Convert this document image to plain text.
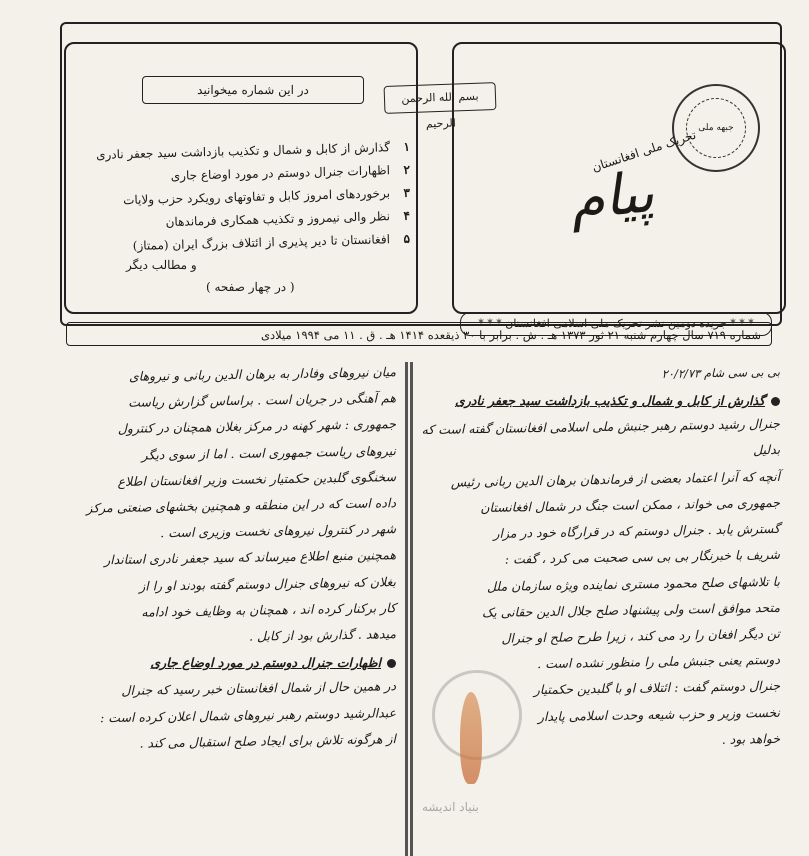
جبهه ملی
تحریک ملی افغانستان
پیام
* * * جریده دومین نشر تحریک ملی اسلامی افغانستان * * *
بسم الله الرحمن الرحيم
در این شماره میخوانید
۱
گذارش از کابل و شمال و تکذیب بازداشت سید جعفر نادری
۲
اظهارات جنرال دوستم در مورد اوضاع جاری
۳
برخوردهای امروز کابل و تفاوتهای رویکرد حزب ولایات
۴
نظر والی نیمروز و تکذیب همکاری فرماندهان
۵
افغانستان تا دیر پذیری از ائتلاف بزرگ ایران (ممتاز)
و مطالب دیگر
( در چهار صفحه )
شماره ۷۱۹ سال چهارم شنبه ۲۱ ثور ۱۳۷۳ هـ . ش . برابر با ۳۰ ذیقعده ۱۴۱۴ هـ . ق . ۱۱ می ۱۹۹۴ میلادی

بی بی سی شام ۲۰/۲/۷۳

گذارش از کابل و شمال و تکذیب بازداشت سید جعفر نادری

جنرال رشید دوستم رهبر جنبش ملی اسلامی افغانستان گفته است که بدلیل

آنچه که آنرا اعتماد بعضی از فرماندهان برهان الدین ربانی رئیس

جمهوری می خواند ، ممکن است جنگ در شمال افغانستان

گسترش یابد . جنرال دوستم که در قرارگاه خود در مزار

شریف با خبرنگار بی بی سی صحبت می کرد ، گفت :

با تلاشهای صلح محمود مستری نماینده ویژه سازمان ملل

متحد موافق است ولی پیشنهاد صلح جلال الدین حقانی یک

تن دیگر افغان را رد می کند ، زیرا طرح صلح او جنرال

دوستم یعنی جنبش ملی را منظور نشده است .

جنرال دوستم گفت : ائتلاف او با گلبدین حکمتیار

نخست وزیر و حزب شیعه وحدت اسلامی پایدار

خواهد بود .

میان نیروهای وفادار به برهان الدین ربانی و نیروهای

هم آهنگی در جریان است . براساس گزارش ریاست

جمهوری : شهر کهنه در مرکز بغلان همچنان در کنترول

نیروهای ریاست جمهوری است . اما از سوی دیگر

سخنگوی گلبدین حکمتیار نخست وزیر افغانستان اطلاع

داده است که در این منطقه و همچنین بخشهای صنعتی مرکز

شهر در کنترول نیروهای نخست وزیری است .

همچنین منبع اطلاع میرساند که سید جعفر نادری استاندار

بغلان که نیروهای جنرال دوستم گفته بودند او را از

کار برکنار کرده اند ، همچنان به وظایف خود ادامه

میدهد . گذارش بود از کابل .

اظهارات جنرال دوستم در مورد اوضاع جاری

در همین حال از شمال افغانستان خبر رسید که جنرال

عبدالرشید دوستم رهبر نیروهای شمال اعلان کرده است :

از هرگونه تلاش برای ایجاد صلح استقبال می کند .

بنیاد اندیشه
